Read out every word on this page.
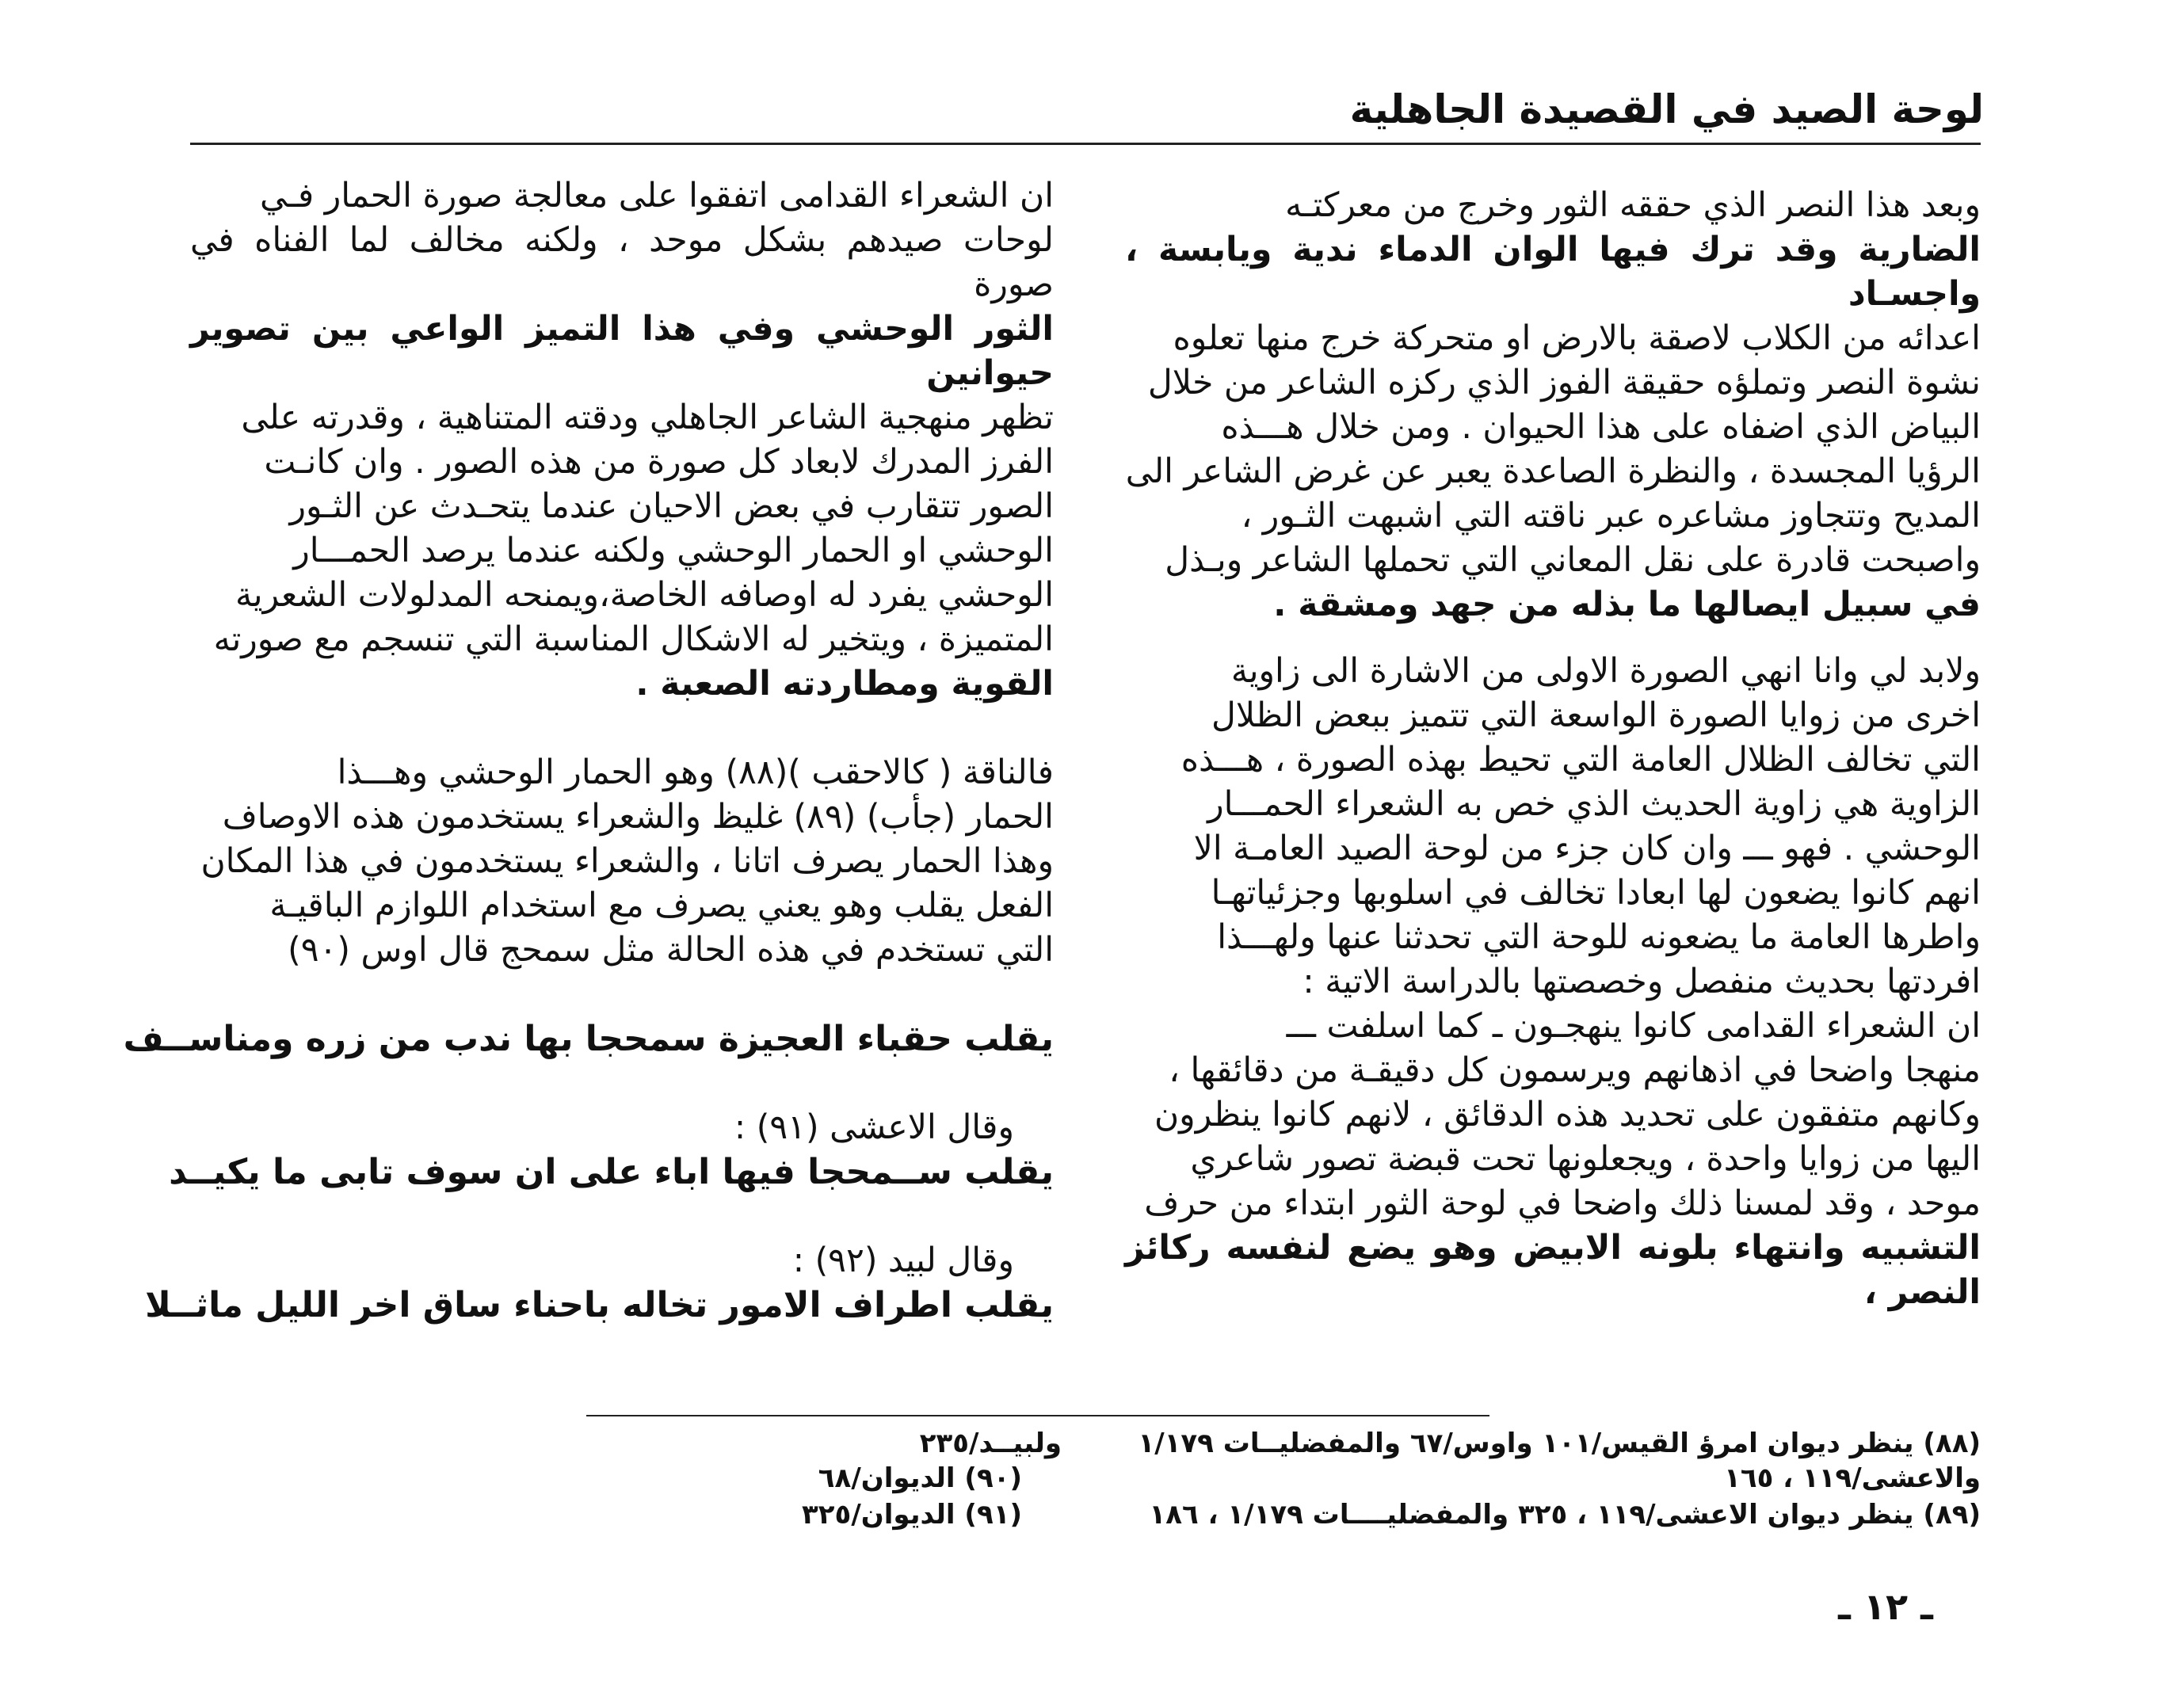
لوحة الصيد في القصيدة الجاهلية

وبعد هذا النصر الذي حققه الثور وخرج من معركتـه

الضارية وقد ترك فيها الوان الدماء ندية ويابسة ، واجسـاد

اعدائه من الكلاب لاصقة بالارض او متحركة خرج منها تعلوه

نشوة النصر وتملؤه حقيقة الفوز الذي ركزه الشاعر من خلال

البياض الذي اضفاه على هذا الحيوان . ومن خلال هـــذه

الرؤيا المجسدة ، والنظرة الصاعدة يعبر عن غرض الشاعر الى

المديح وتتجاوز مشاعره عبر ناقته التي اشبهت الثـور ،

واصبحت قادرة على نقل المعاني التي تحملها الشاعر وبـذل

في سبيل ايصالها ما بذله من جهد ومشقة .

ولابد لي وانا انهي الصورة الاولى من الاشارة الى زاوية

اخرى من زوايا الصورة الواسعة التي تتميز ببعض الظلال

التي تخالف الظلال العامة التي تحيط بهذه الصورة ، هـــذه

الزاوية هي زاوية الحديث الذي خص به الشعراء الحمـــار

الوحشي . فهو ـــ وان كان جزء من لوحة الصيد العامـة الا

انهم كانوا يضعون لها ابعادا تخالف في اسلوبها وجزئياتهـا

واطرها العامة ما يضعونه للوحة التي تحدثنا عنها ولهـــذا

افردتها بحديث منفصل وخصصتها بالدراسة الاتية :

ان الشعراء القدامى كانوا ينهجـون ـ كما اسلفت ـــ

منهجا واضحا في اذهانهم ويرسمون كل دقيقـة من دقائقها ،

وكانهم متفقون على تحديد هذه الدقائق ، لانهم كانوا ينظرون

اليها من زوايا واحدة ، ويجعلونها تحت قبضة تصور شاعري

موحد ، وقد لمسنا ذلك واضحا في لوحة الثور ابتداء من حرف

التشبيه وانتهاء بلونه الابيض وهو يضع لنفسه ركائز النصر ،

ان الشعراء القدامى اتفقوا على معالجة صورة الحمار فـي

لوحات صيدهم بشكل موحد ، ولكنه مخالف لما الفناه في صورة

الثور الوحشي وفي هذا التميز الواعي بين تصوير حيوانين

تظهر منهجية الشاعر الجاهلي ودقته المتناهية ، وقدرته على

الفرز المدرك لابعاد كل صورة من هذه الصور . وان كانـت

الصور تتقارب في بعض الاحيان عندما يتحـدث عن الثـور

الوحشي او الحمار الوحشي ولكنه عندما يرصد الحمـــار

الوحشي يفرد له اوصافه الخاصة،ويمنحه المدلولات الشعرية

المتميزة ، ويتخير له الاشكال المناسبة التي تنسجم مع صورته

القوية ومطاردته الصعبة .

فالناقة ( كالاحقب )(٨٨) وهو الحمار الوحشي وهـــذا

الحمار (جأب) (٨٩) غليظ والشعراء يستخدمون هذه الاوصاف

وهذا الحمار يصرف اتانا ، والشعراء يستخدمون في هذا المكان

الفعل يقلب وهو يعني يصرف مع استخدام اللوازم الباقيـة

التي تستخدم في هذه الحالة مثل سمحج قال اوس (٩٠)

يقلب حقباء العجيزة سمحجا بها ندب من زره ومناســف

وقال الاعشى (٩١) :

يقلب ســمحجا فيها اباء على ان سوف تابى ما يكيــد

وقال لبيد (٩٢) :

يقلب اطراف الامور تخاله باحناء ساق اخر الليل ماثــلا

(٨٨) ينظر ديوان امرؤ القيس/١٠١ واوس/٦٧ والمفضليــات ١/١٧٩
والاعشى/١١٩ ، ١٦٥
(٨٩) ينظر ديوان الاعشى/١١٩ ، ٣٢٥ والمفضليــــات ١/١٧٩ ، ١٨٦
ولبيــد/٢٣٥
(٩٠) الديوان/٦٨
(٩١) الديوان/٣٢٥
ـ ١٢ ـ
